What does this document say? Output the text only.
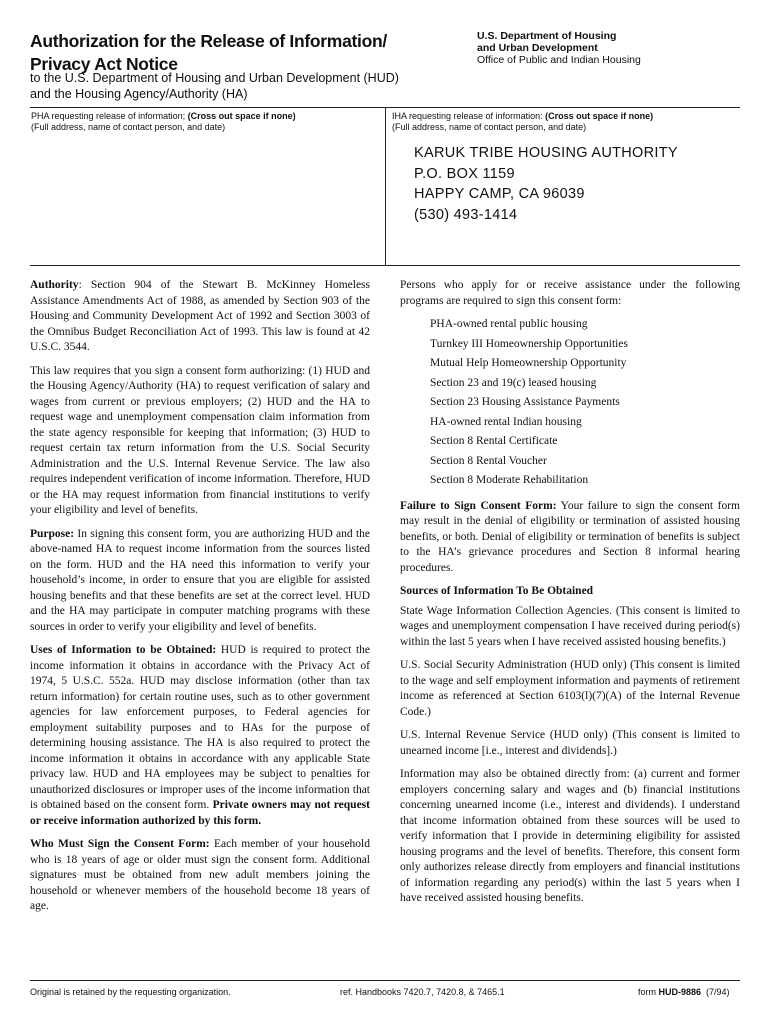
Authorization for the Release of Information/
Privacy Act Notice
to the U.S. Department of Housing and Urban Development (HUD)
and the Housing Agency/Authority (HA)
U.S. Department of Housing
and Urban Development
Office of Public and Indian Housing
PHA requesting release of information; (Cross out space if none)
(Full address, name of contact person, and date)
IHA requesting release of information: (Cross out space if none)
(Full address, name of contact person, and date)
KARUK TRIBE HOUSING AUTHORITY
P.O. BOX 1159
HAPPY CAMP, CA 96039
(530) 493-1414

Authority: Section 904 of the Stewart B. McKinney Homeless Assistance Amendments Act of 1988, as amended by Section 903 of the Housing and Community Development Act of 1992 and Section 3003 of the Omnibus Budget Reconciliation Act of 1993. This law is found at 42 U.S.C. 3544.

This law requires that you sign a consent form authorizing: (1) HUD and the Housing Agency/Authority (HA) to request verification of salary and wages from current or previous employers; (2) HUD and the HA to request wage and unemployment compensation claim information from the state agency responsible for keeping that information; (3) HUD to request certain tax return information from the U.S. Social Security Administration and the U.S. Internal Revenue Service. The law also requires independent verification of income information. Therefore, HUD or the HA may request information from financial institutions to verify your eligibility and level of benefits.

Purpose: In signing this consent form, you are authorizing HUD and the above-named HA to request income information from the sources listed on the form. HUD and the HA need this information to verify your household’s income, in order to ensure that you are eligible for assisted housing benefits and that these benefits are set at the correct level. HUD and the HA may participate in computer matching programs with these sources in order to verify your eligibility and level of benefits.

Uses of Information to be Obtained: HUD is required to protect the income information it obtains in accordance with the Privacy Act of 1974, 5 U.S.C. 552a. HUD may disclose information (other than tax return information) for certain routine uses, such as to other government agencies for law enforcement purposes, to Federal agencies for employment suitability purposes and to HAs for the purpose of determining housing assistance. The HA is also required to protect the income information it obtains in accordance with any applicable State privacy law. HUD and HA employees may be subject to penalties for unauthorized disclosures or improper uses of the income information that is obtained based on the consent form. Private owners may not request or receive information authorized by this form.

Who Must Sign the Consent Form: Each member of your household who is 18 years of age or older must sign the consent form. Additional signatures must be obtained from new adult members joining the household or whenever members of the household become 18 years of age.

Persons who apply for or receive assistance under the following programs are required to sign this consent form:

PHA-owned rental public housing
Turnkey III Homeownership Opportunities
Mutual Help Homeownership Opportunity
Section 23 and 19(c) leased housing
Section 23 Housing Assistance Payments
HA-owned rental Indian housing
Section 8 Rental Certificate
Section 8 Rental Voucher
Section 8 Moderate Rehabilitation

Failure to Sign Consent Form: Your failure to sign the consent form may result in the denial of eligibility or termination of assisted housing benefits, or both. Denial of eligibility or termination of benefits is subject to the HA’s grievance procedures and Section 8 informal hearing procedures.

Sources of Information To Be Obtained

State Wage Information Collection Agencies. (This consent is limited to wages and unemployment compensation I have received during period(s) within the last 5 years when I have received assisted housing benefits.)

U.S. Social Security Administration (HUD only) (This consent is limited to the wage and self employment information and payments of retirement income as referenced at Section 6103(l)(7)(A) of the Internal Revenue Code.)

U.S. Internal Revenue Service (HUD only) (This consent is limited to unearned income [i.e., interest and dividends].)

Information may also be obtained directly from: (a) current and former employers concerning salary and wages and (b) financial institutions concerning unearned income (i.e., interest and dividends). I understand that income information obtained from these sources will be used to verify information that I provide in determining eligibility for assisted housing programs and the level of benefits. Therefore, this consent form only authorizes release directly from employers and financial institutions of information regarding any period(s) within the last 5 years when I have received assisted housing benefits.

Original is retained by the requesting organization.	ref. Handbooks 7420.7, 7420.8, & 7465.1	form HUD-9886  (7/94)
